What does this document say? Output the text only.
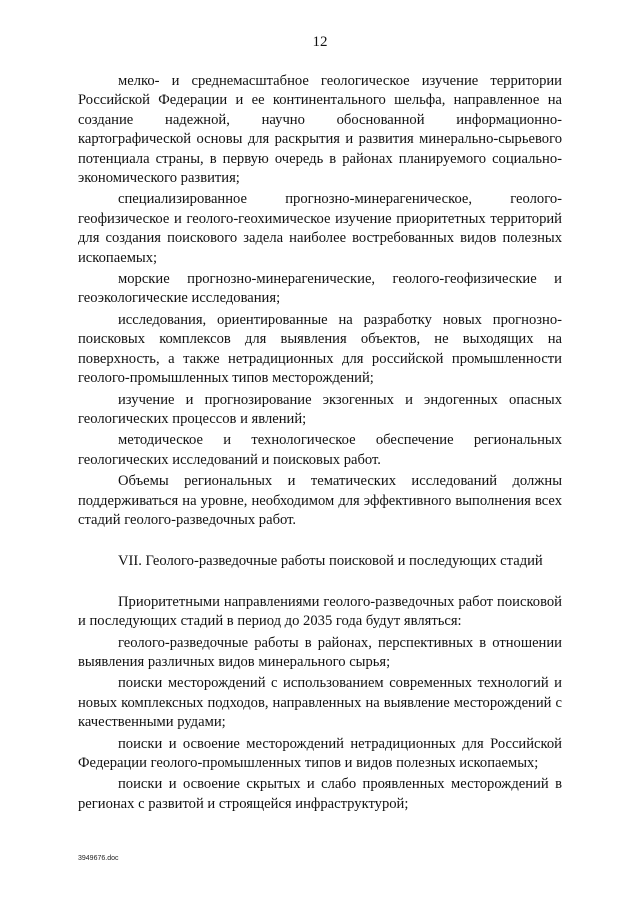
12

мелко- и среднемасштабное геологическое изучение территории Российской Федерации и ее континентального шельфа, направленное на создание надежной, научно обоснованной информационно-картографической основы для раскрытия и развития минерально-сырьевого потенциала страны, в первую очередь в районах планируемого социально-экономического развития;

специализированное прогнозно-минерагеническое, геолого-геофизическое и геолого-геохимическое изучение приоритетных территорий для создания поискового задела наиболее востребованных видов полезных ископаемых;

морские прогнозно-минерагенические, геолого-геофизические и геоэкологические исследования;

исследования, ориентированные на разработку новых прогнозно-поисковых комплексов для выявления объектов, не выходящих на поверхность, а также нетрадиционных для российской промышленности геолого-промышленных типов месторождений;

изучение и прогнозирование экзогенных и эндогенных опасных геологических процессов и явлений;

методическое и технологическое обеспечение региональных геологических исследований и поисковых работ.

Объемы региональных и тематических исследований должны поддерживаться на уровне, необходимом для эффективного выполнения всех стадий геолого-разведочных работ.

VII. Геолого-разведочные работы поисковой и последующих стадий

Приоритетными направлениями геолого-разведочных работ поисковой и последующих стадий в период до 2035 года будут являться:

геолого-разведочные работы в районах, перспективных в отношении выявления различных видов минерального сырья;

поиски месторождений с использованием современных технологий и новых комплексных подходов, направленных на выявление месторождений с качественными рудами;

поиски и освоение месторождений нетрадиционных для Российской Федерации геолого-промышленных типов и видов полезных ископаемых;

поиски и освоение скрытых и слабо проявленных месторождений в регионах с развитой и строящейся инфраструктурой;

3949676.doc
